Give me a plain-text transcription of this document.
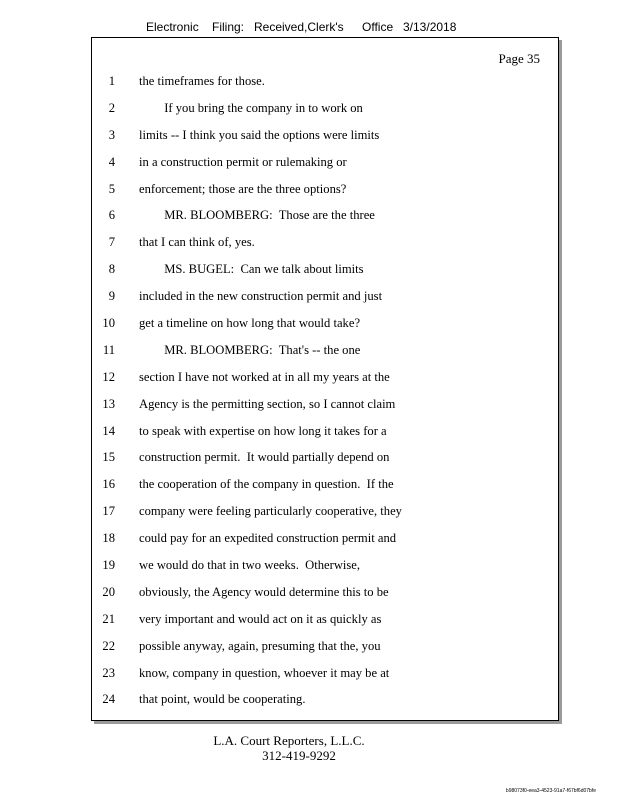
Electronic Filing: Received,Clerk's Office 3/13/2018
Page 35
1 the timeframes for those.
2 If you bring the company in to work on
3 limits -- I think you said the options were limits
4 in a construction permit or rulemaking or
5 enforcement; those are the three options?
6 MR. BLOOMBERG:  Those are the three
7 that I can think of, yes.
8 MS. BUGEL:  Can we talk about limits
9 included in the new construction permit and just
10 get a timeline on how long that would take?
11 MR. BLOOMBERG:  That's -- the one
12 section I have not worked at in all my years at the
13 Agency is the permitting section, so I cannot claim
14 to speak with expertise on how long it takes for a
15 construction permit.  It would partially depend on
16 the cooperation of the company in question.  If the
17 company were feeling particularly cooperative, they
18 could pay for an expedited construction permit and
19 we would do that in two weeks.  Otherwise,
20 obviously, the Agency would determine this to be
21 very important and would act on it as quickly as
22 possible anyway, again, presuming that the, you
23 know, company in question, whoever it may be at
24 that point, would be cooperating.
L.A. Court Reporters, L.L.C.
312-419-9292
b98073f0-eea3-4523-91a7-f67bf6d07bfe
